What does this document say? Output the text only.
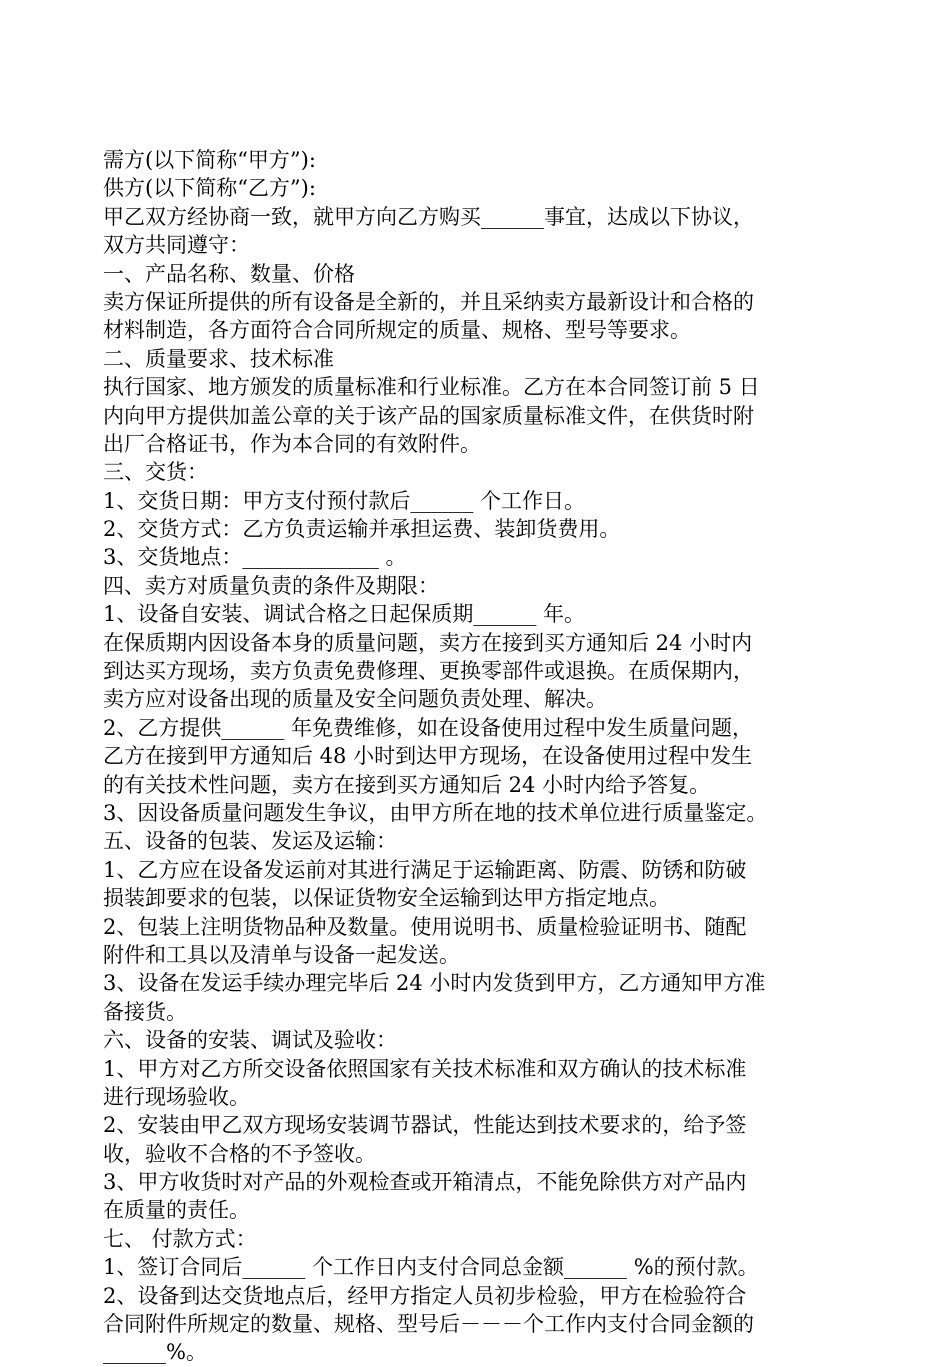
需方(以下简称“甲方”):
供方(以下简称“乙方”):
甲乙双方经协商一致，就甲方向乙方购买______事宜，达成以下协议，
双方共同遵守：
一、产品名称、数量、价格
卖方保证所提供的所有设备是全新的，并且采纳卖方最新设计和合格的
材料制造，各方面符合合同所规定的质量、规格、型号等要求。
二、质量要求、技术标准
执行国家、地方颁发的质量标准和行业标准。乙方在本合同签订前 5 日
内向甲方提供加盖公章的关于该产品的国家质量标准文件，在供货时附
出厂合格证书，作为本合同的有效附件。
三、交货：
1、交货日期：甲方支付预付款后______ 个工作日。
2、交货方式：乙方负责运输并承担运费、装卸货费用。
3、交货地点：_____________ 。
四、卖方对质量负责的条件及期限：
1、设备自安装、调试合格之日起保质期______ 年。
在保质期内因设备本身的质量问题，卖方在接到买方通知后 24 小时内
到达买方现场，卖方负责免费修理、更换零部件或退换。在质保期内，
卖方应对设备出现的质量及安全问题负责处理、解决。
2、乙方提供______ 年免费维修，如在设备使用过程中发生质量问题，
乙方在接到甲方通知后 48 小时到达甲方现场，在设备使用过程中发生
的有关技术性问题，卖方在接到买方通知后 24 小时内给予答复。
3、因设备质量问题发生争议，由甲方所在地的技术单位进行质量鉴定。
五、设备的包装、发运及运输：
1、乙方应在设备发运前对其进行满足于运输距离、防震、防锈和防破
损装卸要求的包装，以保证货物安全运输到达甲方指定地点。
2、包装上注明货物品种及数量。使用说明书、质量检验证明书、随配
附件和工具以及清单与设备一起发送。
3、设备在发运手续办理完毕后 24 小时内发货到甲方，乙方通知甲方准
备接货。
六、设备的安装、调试及验收：
1、甲方对乙方所交设备依照国家有关技术标准和双方确认的技术标准
进行现场验收。
2、安装由甲乙双方现场安装调节器试，性能达到技术要求的，给予签
收，验收不合格的不予签收。
3、甲方收货时对产品的外观检查或开箱清点，不能免除供方对产品内
在质量的责任。
七、 付款方式：
1、签订合同后______ 个工作日内支付合同总金额______ %的预付款。
2、设备到达交货地点后，经甲方指定人员初步检验，甲方在检验符合
合同附件所规定的数量、规格、型号后－－－个工作内支付合同金额的
______%。
